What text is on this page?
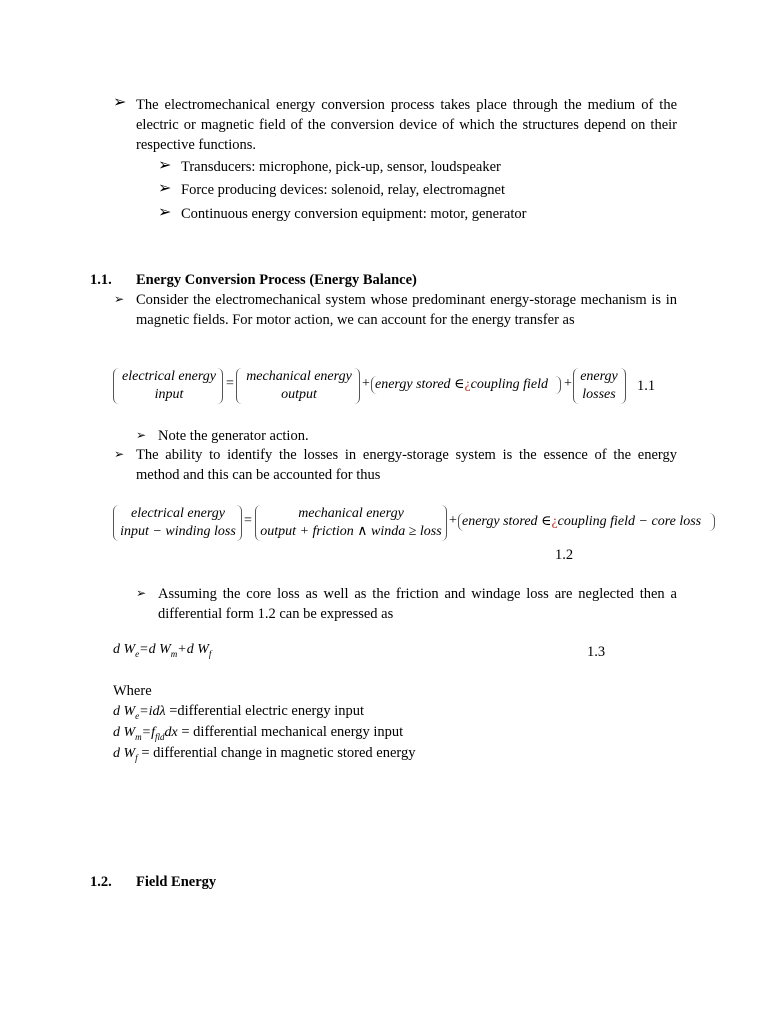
➢ The electromechanical energy conversion process takes place through the medium of the electric or magnetic field of the conversion device of which the structures depend on their respective functions.
➢ Transducers: microphone, pick-up, sensor, loudspeaker
➢ Force producing devices: solenoid, relay, electromagnet
➢ Continuous energy conversion equipment: motor, generator
1.1. Energy Conversion Process (Energy Balance)
➢ Consider the electromechanical system whose predominant energy-storage mechanism is in magnetic fields. For motor action, we can account for the energy transfer as
electrical energy
input
= mechanical energy
output
+ energy stored ∈¿coupling field + energy
losses
1.1
➢ Note the generator action.
➢ The ability to identify the losses in energy-storage system is the essence of the energy method and this can be accounted for thus
electrical energy
input − winding loss
=	mechanical energy
output + friction ∧ winda ≥ loss
+ energy stored ∈¿coupling field − core loss
1.2
➢ Assuming the core loss as well as the friction and windage loss are neglected then a differential form 1.2 can be expressed as
d $W_e=d$ $W_m+d$ $W_f$	1.3
Where
d $W_e=id\lambda$ =differential electric energy input
d $W_m=f_{fld}dx$ = differential mechanical energy input
d $W_f$ = differential change in magnetic stored energy
1.2. Field Energy
